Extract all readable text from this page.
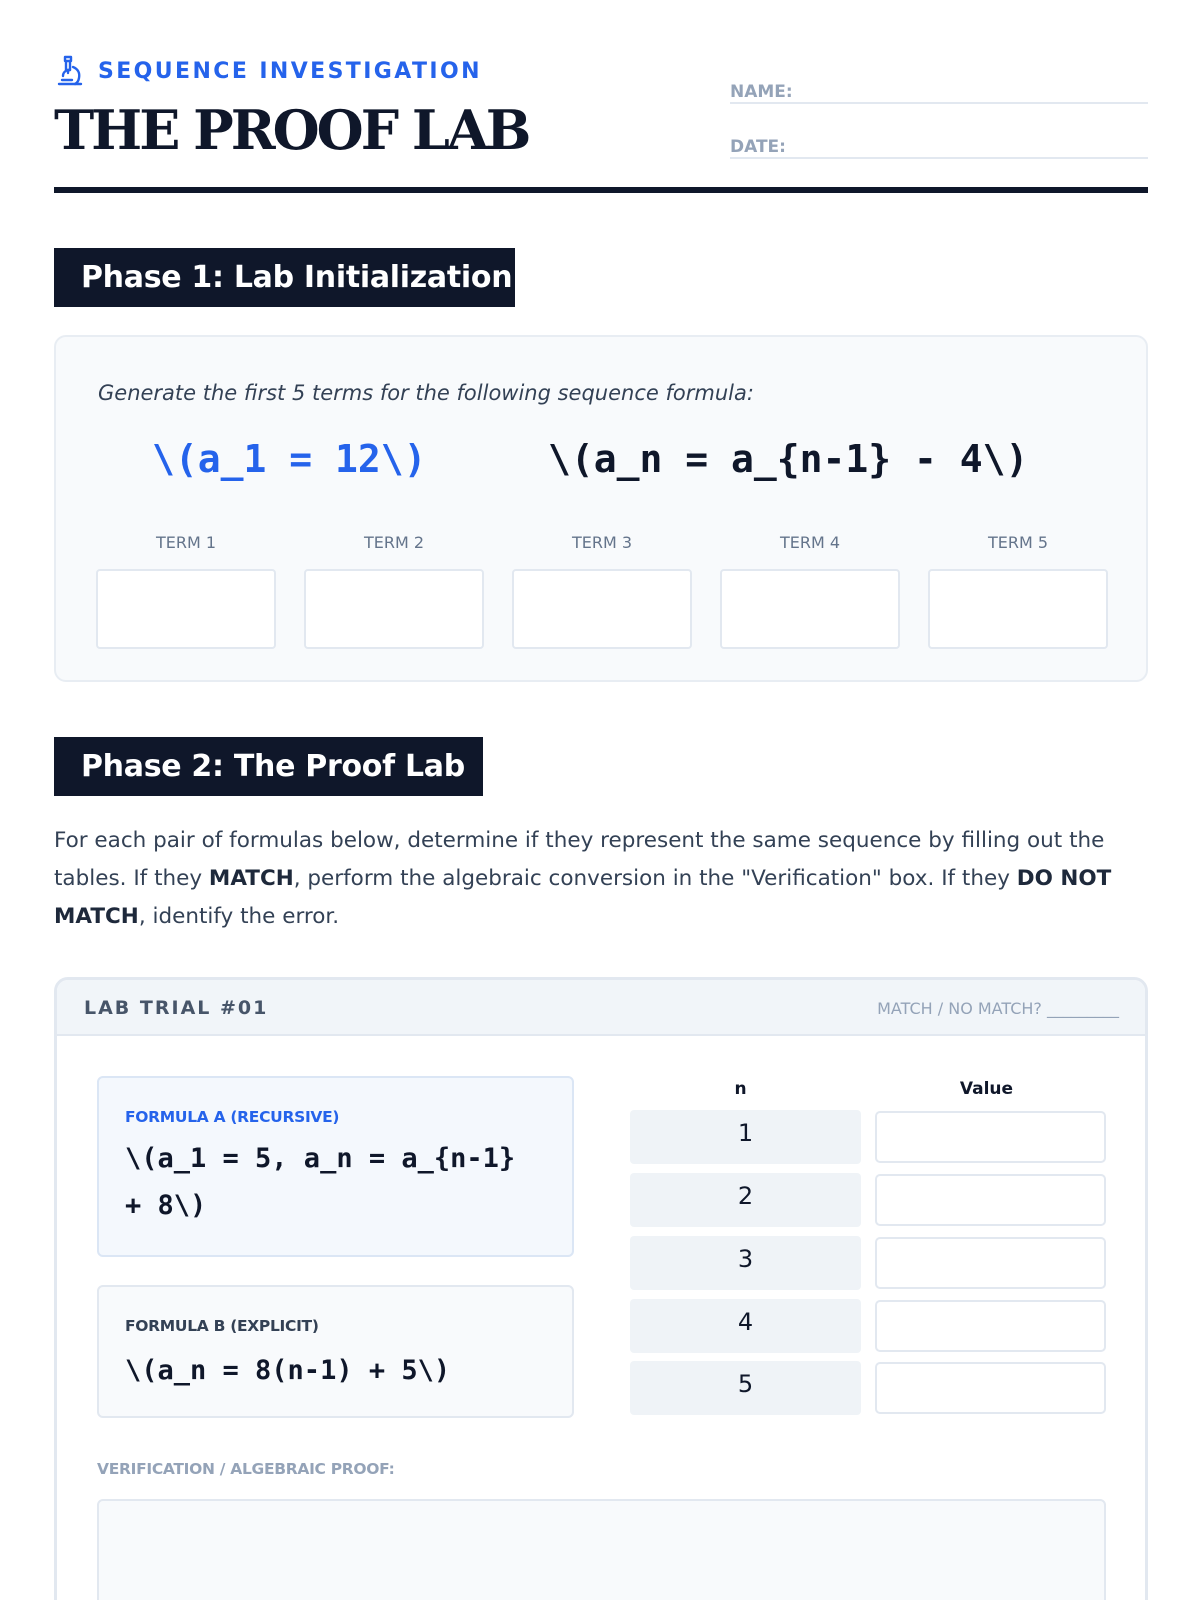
SEQUENCE INVESTIGATION
THE PROOF LAB
NAME:
DATE:
Phase 1: Lab Initialization
Generate the first 5 terms for the following sequence formula:
\(a_1 = 12\)	\(a_n = a_{n-1} - 4\)
TERM 1	TERM 2	TERM 3	TERM 4	TERM 5
Phase 2: The Proof Lab

For each pair of formulas below, determine if they represent the same sequence by filling out the tables. If they MATCH, perform the algebraic conversion in the "Verification" box. If they DO NOT MATCH, identify the error.

LAB TRIAL #01	MATCH / NO MATCH? _________
FORMULA A (RECURSIVE)
\(a_1 = 5, a_n = a_{n-1} + 8\)
FORMULA B (EXPLICIT)
\(a_n = 8(n-1) + 5\)
n	Value
1
2
3
4
5
VERIFICATION / ALGEBRAIC PROOF:
